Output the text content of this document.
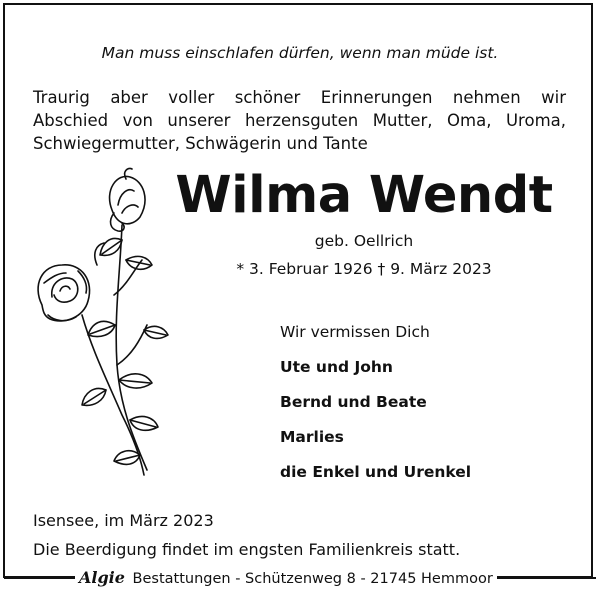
Man muss einschlafen dürfen, wenn man müde ist.
Traurig aber voller schöner Erinnerungen nehmen wir
Abschied von unserer herzensguten Mutter, Oma, Uroma,
Schwiegermutter, Schwägerin und Tante
Wilma Wendt
geb. Oellrich
* 3. Februar 1926 † 9. März 2023
Wir vermissen Dich
Ute und John
Bernd und Beate
Marlies
die Enkel und Urenkel
Isensee, im März 2023
Die Beerdigung findet im engsten Familienkreis statt.
Algie Bestattungen - Schützenweg 8 - 21745 Hemmoor
